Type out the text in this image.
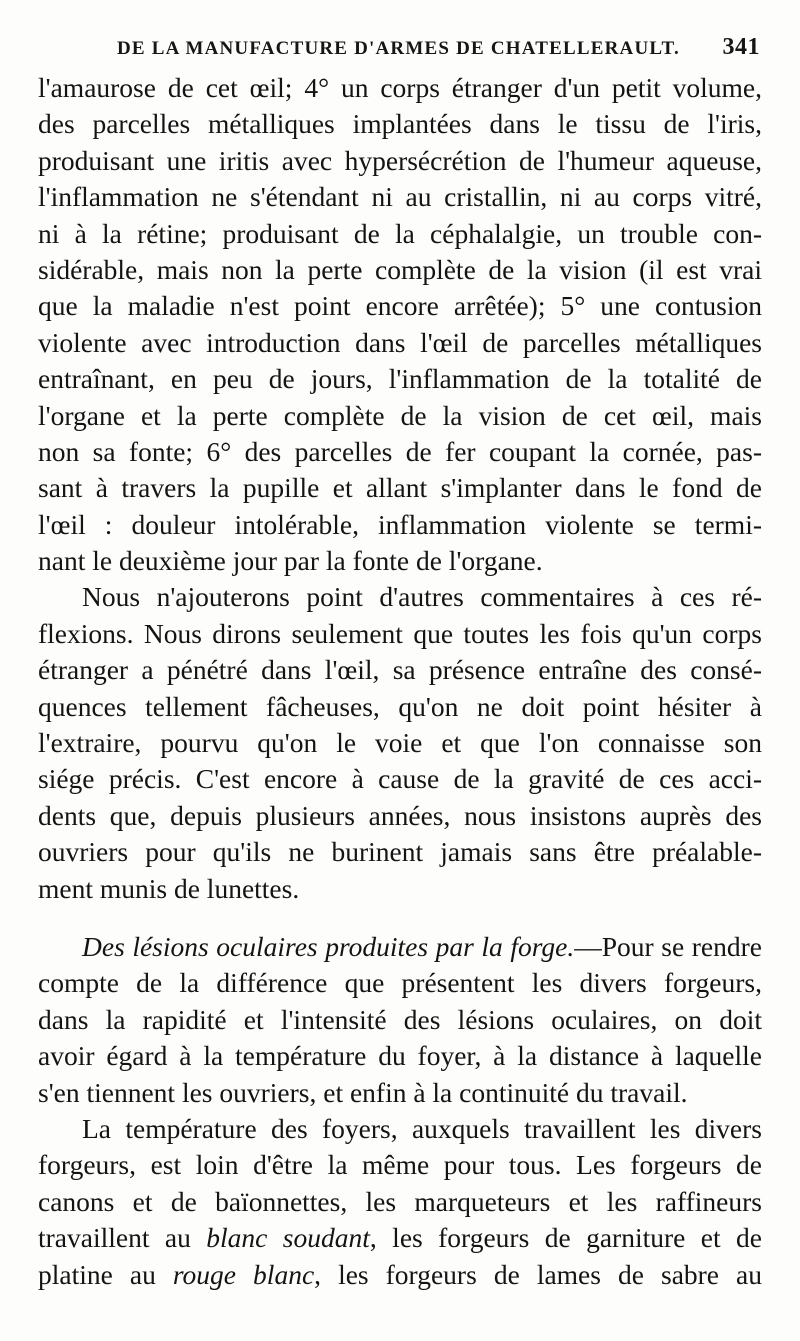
DE LA MANUFACTURE D'ARMES DE CHATELLERAULT. 341
l'amaurose de cet œil; 4° un corps étranger d'un petit volume,
des parcelles métalliques implantées dans le tissu de l'iris,
produisant une iritis avec hypersécrétion de l'humeur aqueuse,
l'inflammation ne s'étendant ni au cristallin, ni au corps vitré,
ni à la rétine; produisant de la céphalalgie, un trouble con-
sidérable, mais non la perte complète de la vision (il est vrai
que la maladie n'est point encore arrêtée); 5° une contusion
violente avec introduction dans l'œil de parcelles métalliques
entraînant, en peu de jours, l'inflammation de la totalité de
l'organe et la perte complète de la vision de cet œil, mais
non sa fonte; 6° des parcelles de fer coupant la cornée, pas-
sant à travers la pupille et allant s'implanter dans le fond de
l'œil : douleur intolérable, inflammation violente se termi-
nant le deuxième jour par la fonte de l'organe.
Nous n'ajouterons point d'autres commentaires à ces ré-
flexions. Nous dirons seulement que toutes les fois qu'un corps
étranger a pénétré dans l'œil, sa présence entraîne des consé-
quences tellement fâcheuses, qu'on ne doit point hésiter à
l'extraire, pourvu qu'on le voie et que l'on connaisse son
siége précis. C'est encore à cause de la gravité de ces acci-
dents que, depuis plusieurs années, nous insistons auprès des
ouvriers pour qu'ils ne burinent jamais sans être préalable-
ment munis de lunettes.
Des lésions oculaires produites par la forge.—Pour se rendre
compte de la différence que présentent les divers forgeurs,
dans la rapidité et l'intensité des lésions oculaires, on doit
avoir égard à la température du foyer, à la distance à laquelle
s'en tiennent les ouvriers, et enfin à la continuité du travail.
La température des foyers, auxquels travaillent les divers
forgeurs, est loin d'être la même pour tous. Les forgeurs de
canons et de baïonnettes, les marqueteurs et les raffineurs
travaillent au blanc soudant, les forgeurs de garniture et de
platine au rouge blanc, les forgeurs de lames de sabre au
